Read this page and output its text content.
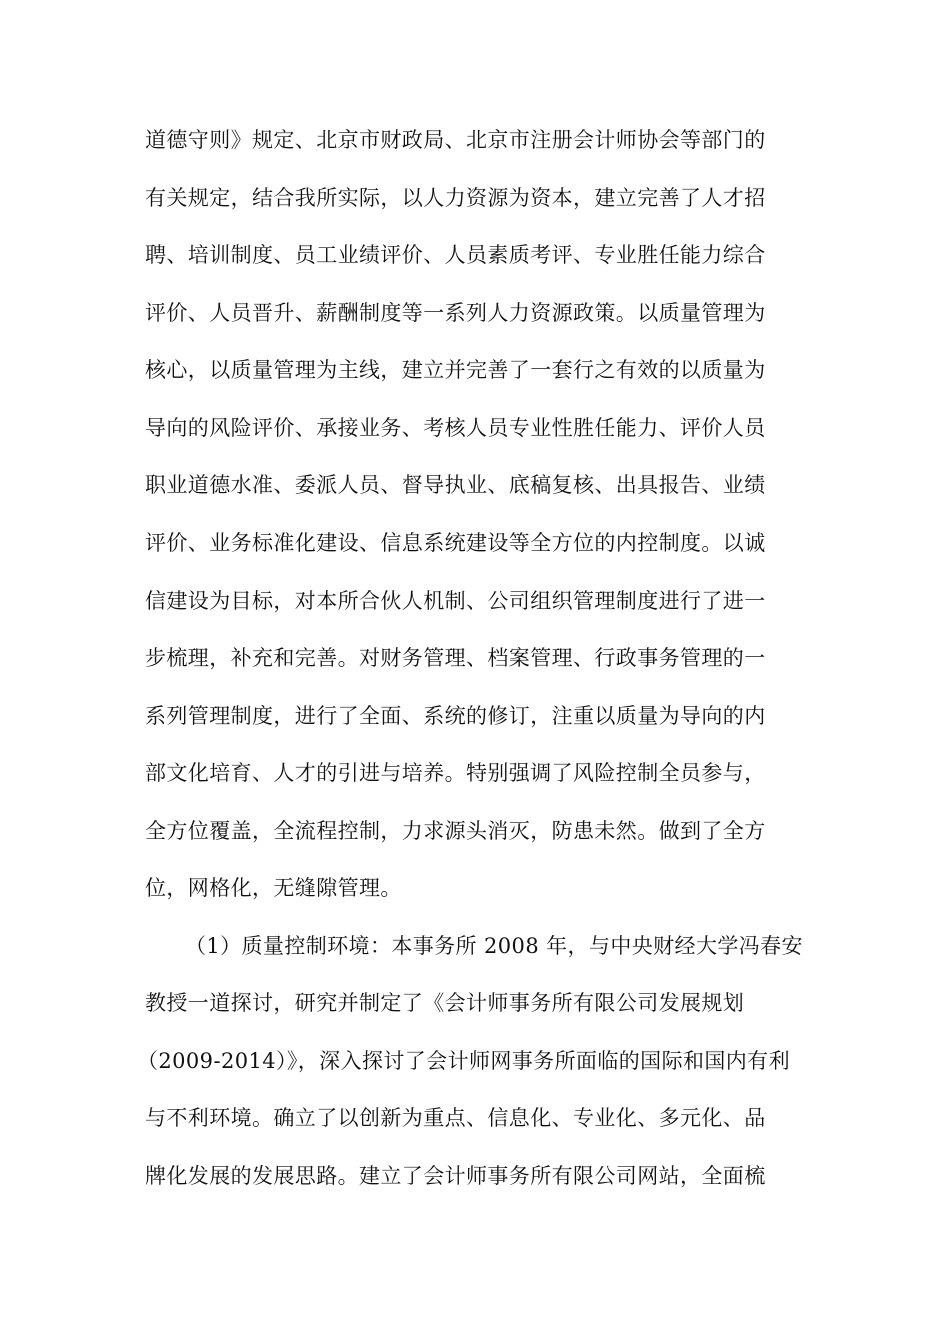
道德守则》规定、北京市财政局、北京市注册会计师协会等部门的
有关规定，结合我所实际，以人力资源为资本，建立完善了人才招
聘、培训制度、员工业绩评价、人员素质考评、专业胜任能力综合
评价、人员晋升、薪酬制度等一系列人力资源政策。以质量管理为
核心，以质量管理为主线，建立并完善了一套行之有效的以质量为
导向的风险评价、承接业务、考核人员专业性胜任能力、评价人员
职业道德水准、委派人员、督导执业、底稿复核、出具报告、业绩
评价、业务标准化建设、信息系统建设等全方位的内控制度。以诚
信建设为目标，对本所合伙人机制、公司组织管理制度进行了进一
步梳理，补充和完善。对财务管理、档案管理、行政事务管理的一
系列管理制度，进行了全面、系统的修订，注重以质量为导向的内
部文化培育、人才的引进与培养。特别强调了风险控制全员参与，
全方位覆盖，全流程控制，力求源头消灭，防患未然。做到了全方
位，网格化，无缝隙管理。
（1）质量控制环境：本事务所 2008 年，与中央财经大学冯春安
教授一道探讨，研究并制定了《会计师事务所有限公司发展规划
（2009-2014）》，深入探讨了会计师网事务所面临的国际和国内有利
与不利环境。确立了以创新为重点、信息化、专业化、多元化、品
牌化发展的发展思路。建立了会计师事务所有限公司网站，全面梳
